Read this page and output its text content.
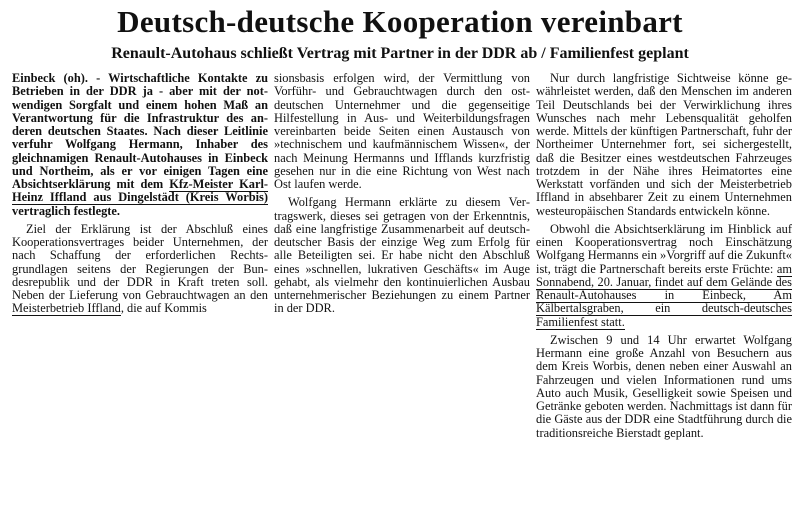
Deutsch-deutsche Kooperation vereinbart
Renault-Autohaus schließt Vertrag mit Partner in der DDR ab / Familienfest geplant

Einbeck (oh). - Wirtschaftliche Kontakte zu Betrieben in der DDR ja - aber mit der notwendigen Sorgfalt und einem hohen Maß an Verantwortung für die Infrastruktur des anderen deutschen Staates. Nach dieser Leitlinie verfuhr Wolfgang Hermann, Inhaber des gleichnamigen Renault-Autohauses in Einbeck und Northeim, als er vor einigen Tagen eine Absichtserklärung mit dem Kfz-Meister Karl-Heinz Iffland aus Dingelstädt (Kreis Worbis) vertraglich festlegte.

Ziel der Erklärung ist der Abschluß eines Kooperationsvertrages beider Unternehmen, der nach Schaffung der erforderlichen Rechtsgrundlagen seitens der Regierungen der Bundesrepublik und der DDR in Kraft treten soll. Neben der Lieferung von Gebrauchtwagen an den Meisterbetrieb Iffland, die auf Kommis

sionsbasis erfolgen wird, der Vermittlung von Vorführ- und Gebrauchtwagen durch den ostdeutschen Unternehmer und die gegenseitige Hilfestellung in Aus- und Weiterbildungsfragen vereinbarten beide Seiten einen Austausch von »technischem und kaufmännischem Wissen«, der nach Meinung Hermanns und Ifflands kurzfristig gesehen nur in die eine Richtung von West nach Ost laufen werde.

Wolfgang Hermann erklärte zu diesem Vertragswerk, dieses sei getragen von der Erkenntnis, daß eine langfristige Zusammenarbeit auf deutsch-deutscher Basis der einzige Weg zum Erfolg für alle Beteiligten sei. Er habe nicht den Abschluß eines »schnellen, lukrativen Geschäfts« im Auge gehabt, als vielmehr den kontinuierlichen Ausbau unternehmerischer Beziehungen zu einem Partner in der DDR.

Nur durch langfristige Sichtweise könne gewährleistet werden, daß den Menschen im anderen Teil Deutschlands bei der Verwirklichung ihres Wunsches nach mehr Lebensqualität geholfen werde. Mittels der künftigen Partnerschaft, fuhr der Northeimer Unternehmer fort, sei sichergestellt, daß die Besitzer eines westdeutschen Fahrzeuges trotzdem in der Nähe ihres Heimatortes eine Werkstatt vorfänden und sich der Meisterbetrieb Iffland in absehbarer Zeit zu einem Unternehmen westeuropäischen Standards entwickeln könne.

Obwohl die Absichtserklärung im Hinblick auf einen Kooperationsvertrag noch Einschätzung Wolfgang Hermanns ein »Vorgriff auf die Zukunft« ist, trägt die Partnerschaft bereits erste Früchte: am Sonnabend, 20. Januar, findet auf dem Gelände des Renault-Autohauses in Einbeck, Am Kälbertalsgraben, ein deutsch-deutsches Familienfest statt.

Zwischen 9 und 14 Uhr erwartet Wolfgang Hermann eine große Anzahl von Besuchern aus dem Kreis Worbis, denen neben einer Auswahl an Fahrzeugen und vielen Informationen rund ums Auto auch Musik, Geselligkeit sowie Speisen und Getränke geboten werden. Nachmittags ist dann für die Gäste aus der DDR eine Stadtführung durch die traditionsreiche Bierstadt geplant.
